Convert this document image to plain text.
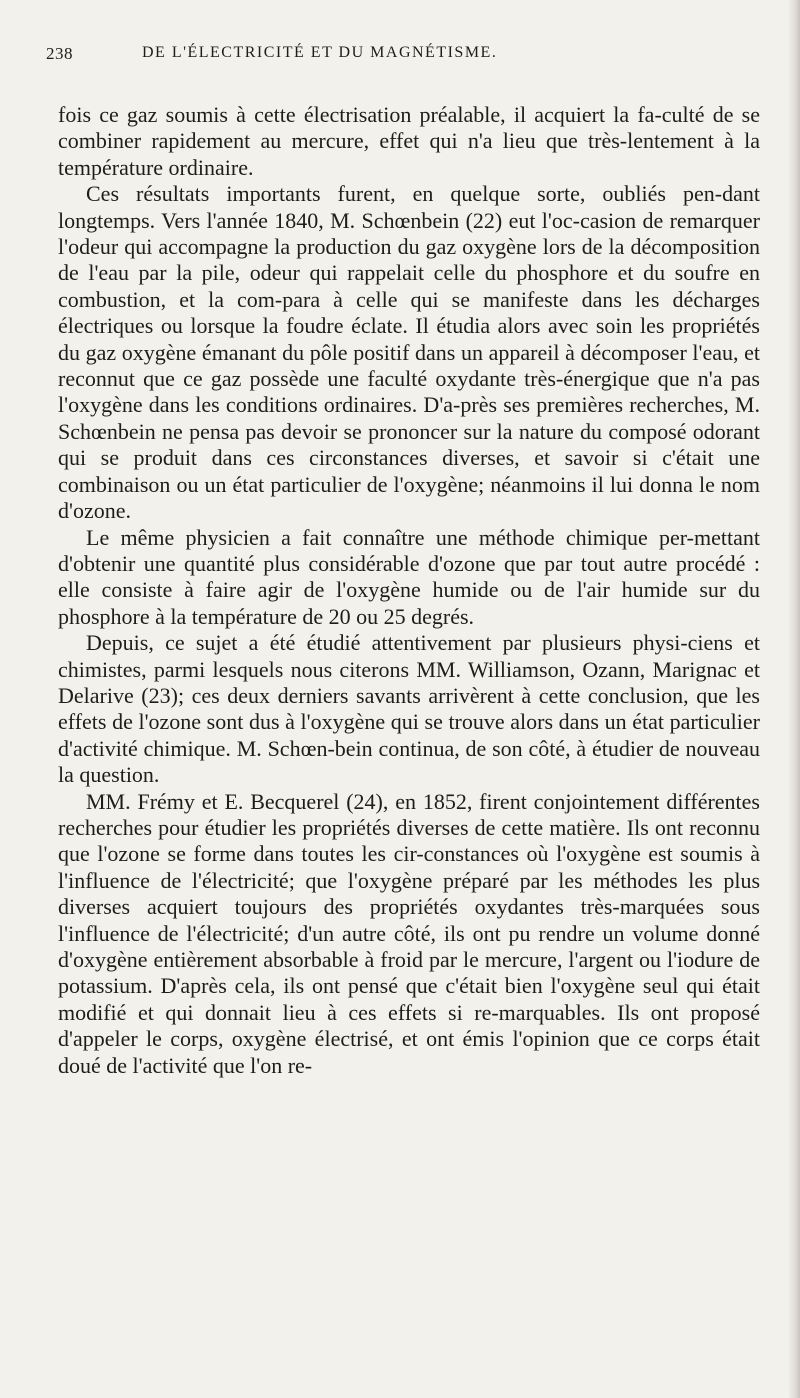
238	DE L'ÉLECTRICITÉ ET DU MAGNÉTISME.

fois ce gaz soumis à cette électrisation préalable, il acquiert la fa-culté de se combiner rapidement au mercure, effet qui n'a lieu que très-lentement à la température ordinaire.

Ces résultats importants furent, en quelque sorte, oubliés pen-dant longtemps. Vers l'année 1840, M. Schœnbein (22) eut l'oc-casion de remarquer l'odeur qui accompagne la production du gaz oxygène lors de la décomposition de l'eau par la pile, odeur qui rappelait celle du phosphore et du soufre en combustion, et la com-para à celle qui se manifeste dans les décharges électriques ou lorsque la foudre éclate. Il étudia alors avec soin les propriétés du gaz oxygène émanant du pôle positif dans un appareil à décomposer l'eau, et reconnut que ce gaz possède une faculté oxydante très-énergique que n'a pas l'oxygène dans les conditions ordinaires. D'a-près ses premières recherches, M. Schœnbein ne pensa pas devoir se prononcer sur la nature du composé odorant qui se produit dans ces circonstances diverses, et savoir si c'était une combinaison ou un état particulier de l'oxygène; néanmoins il lui donna le nom d'ozone.

Le même physicien a fait connaître une méthode chimique per-mettant d'obtenir une quantité plus considérable d'ozone que par tout autre procédé : elle consiste à faire agir de l'oxygène humide ou de l'air humide sur du phosphore à la température de 20 ou 25 degrés.

Depuis, ce sujet a été étudié attentivement par plusieurs physi-ciens et chimistes, parmi lesquels nous citerons MM. Williamson, Ozann, Marignac et Delarive (23); ces deux derniers savants arrivèrent à cette conclusion, que les effets de l'ozone sont dus à l'oxygène qui se trouve alors dans un état particulier d'activité chimique. M. Schœn-bein continua, de son côté, à étudier de nouveau la question.

MM. Frémy et E. Becquerel (24), en 1852, firent conjointement différentes recherches pour étudier les propriétés diverses de cette matière. Ils ont reconnu que l'ozone se forme dans toutes les cir-constances où l'oxygène est soumis à l'influence de l'électricité; que l'oxygène préparé par les méthodes les plus diverses acquiert toujours des propriétés oxydantes très-marquées sous l'influence de l'électricité; d'un autre côté, ils ont pu rendre un volume donné d'oxygène entièrement absorbable à froid par le mercure, l'argent ou l'iodure de potassium. D'après cela, ils ont pensé que c'était bien l'oxygène seul qui était modifié et qui donnait lieu à ces effets si re-marquables. Ils ont proposé d'appeler le corps, oxygène électrisé, et ont émis l'opinion que ce corps était doué de l'activité que l'on re-
